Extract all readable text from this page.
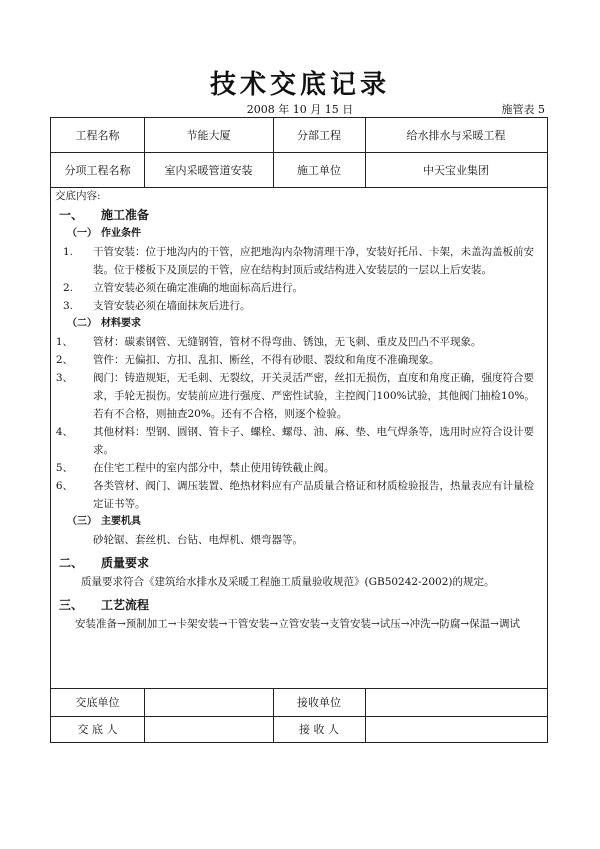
技术交底记录
2008 年 10 月 15 日	施管表 5
工程名称	节能大厦	分部工程	给水排水与采暖工程
分项工程名称	室内采暖管道安装	施工单位	中天宝业集团
交底内容:
一、 施工准备
（一） 作业条件
1.	干管安装：位于地沟内的干管，应把地沟内杂物清理干净，安装好托吊、卡架，未盖沟盖板前安装。位于楼板下及顶层的干管，应在结构封顶后或结构进入安装层的一层以上后安装。
2.	立管安装必须在确定准确的地面标高后进行。
3.	支管安装必须在墙面抹灰后进行。
（二） 材料要求
1、	管材：碳素钢管、无缝钢管，管材不得弯曲、锈蚀，无飞刺、重皮及凹凸不平现象。
2、	管件：无偏扣、方扣、乱扣、断丝，不得有砂眼、裂纹和角度不准确现象。
3、	阀门：铸造规矩，无毛刺、无裂纹，开关灵活严密，丝扣无损伤，直度和角度正确，强度符合要求，手轮无损伤。安装前应进行强度、严密性试验，主控阀门100%试验，其他阀门抽检10%。若有不合格，则抽查20%。还有不合格，则逐个检验。
4、	其他材料：型钢、圆钢、管卡子、螺栓、螺母、油、麻、垫、电气焊条等，选用时应符合设计要求。
5、	在住宅工程中的室内部分中，禁止使用铸铁截止阀。
6、	各类管材、阀门、调压装置、绝热材料应有产品质量合格证和材质检验报告，热量表应有计量检定证书等。
（三） 主要机具
砂轮锯、套丝机、台钻、电焊机、煨弯器等。
二、 质量要求
质量要求符合《建筑给水排水及采暖工程施工质量验收规范》(GB50242-2002)的规定。
三、 工艺流程
安装准备→预制加工→卡架安装→干管安装→立管安装→支管安装→试压→冲洗→防腐→保温→调试
交底单位	接收单位
交 底 人	接 收 人
